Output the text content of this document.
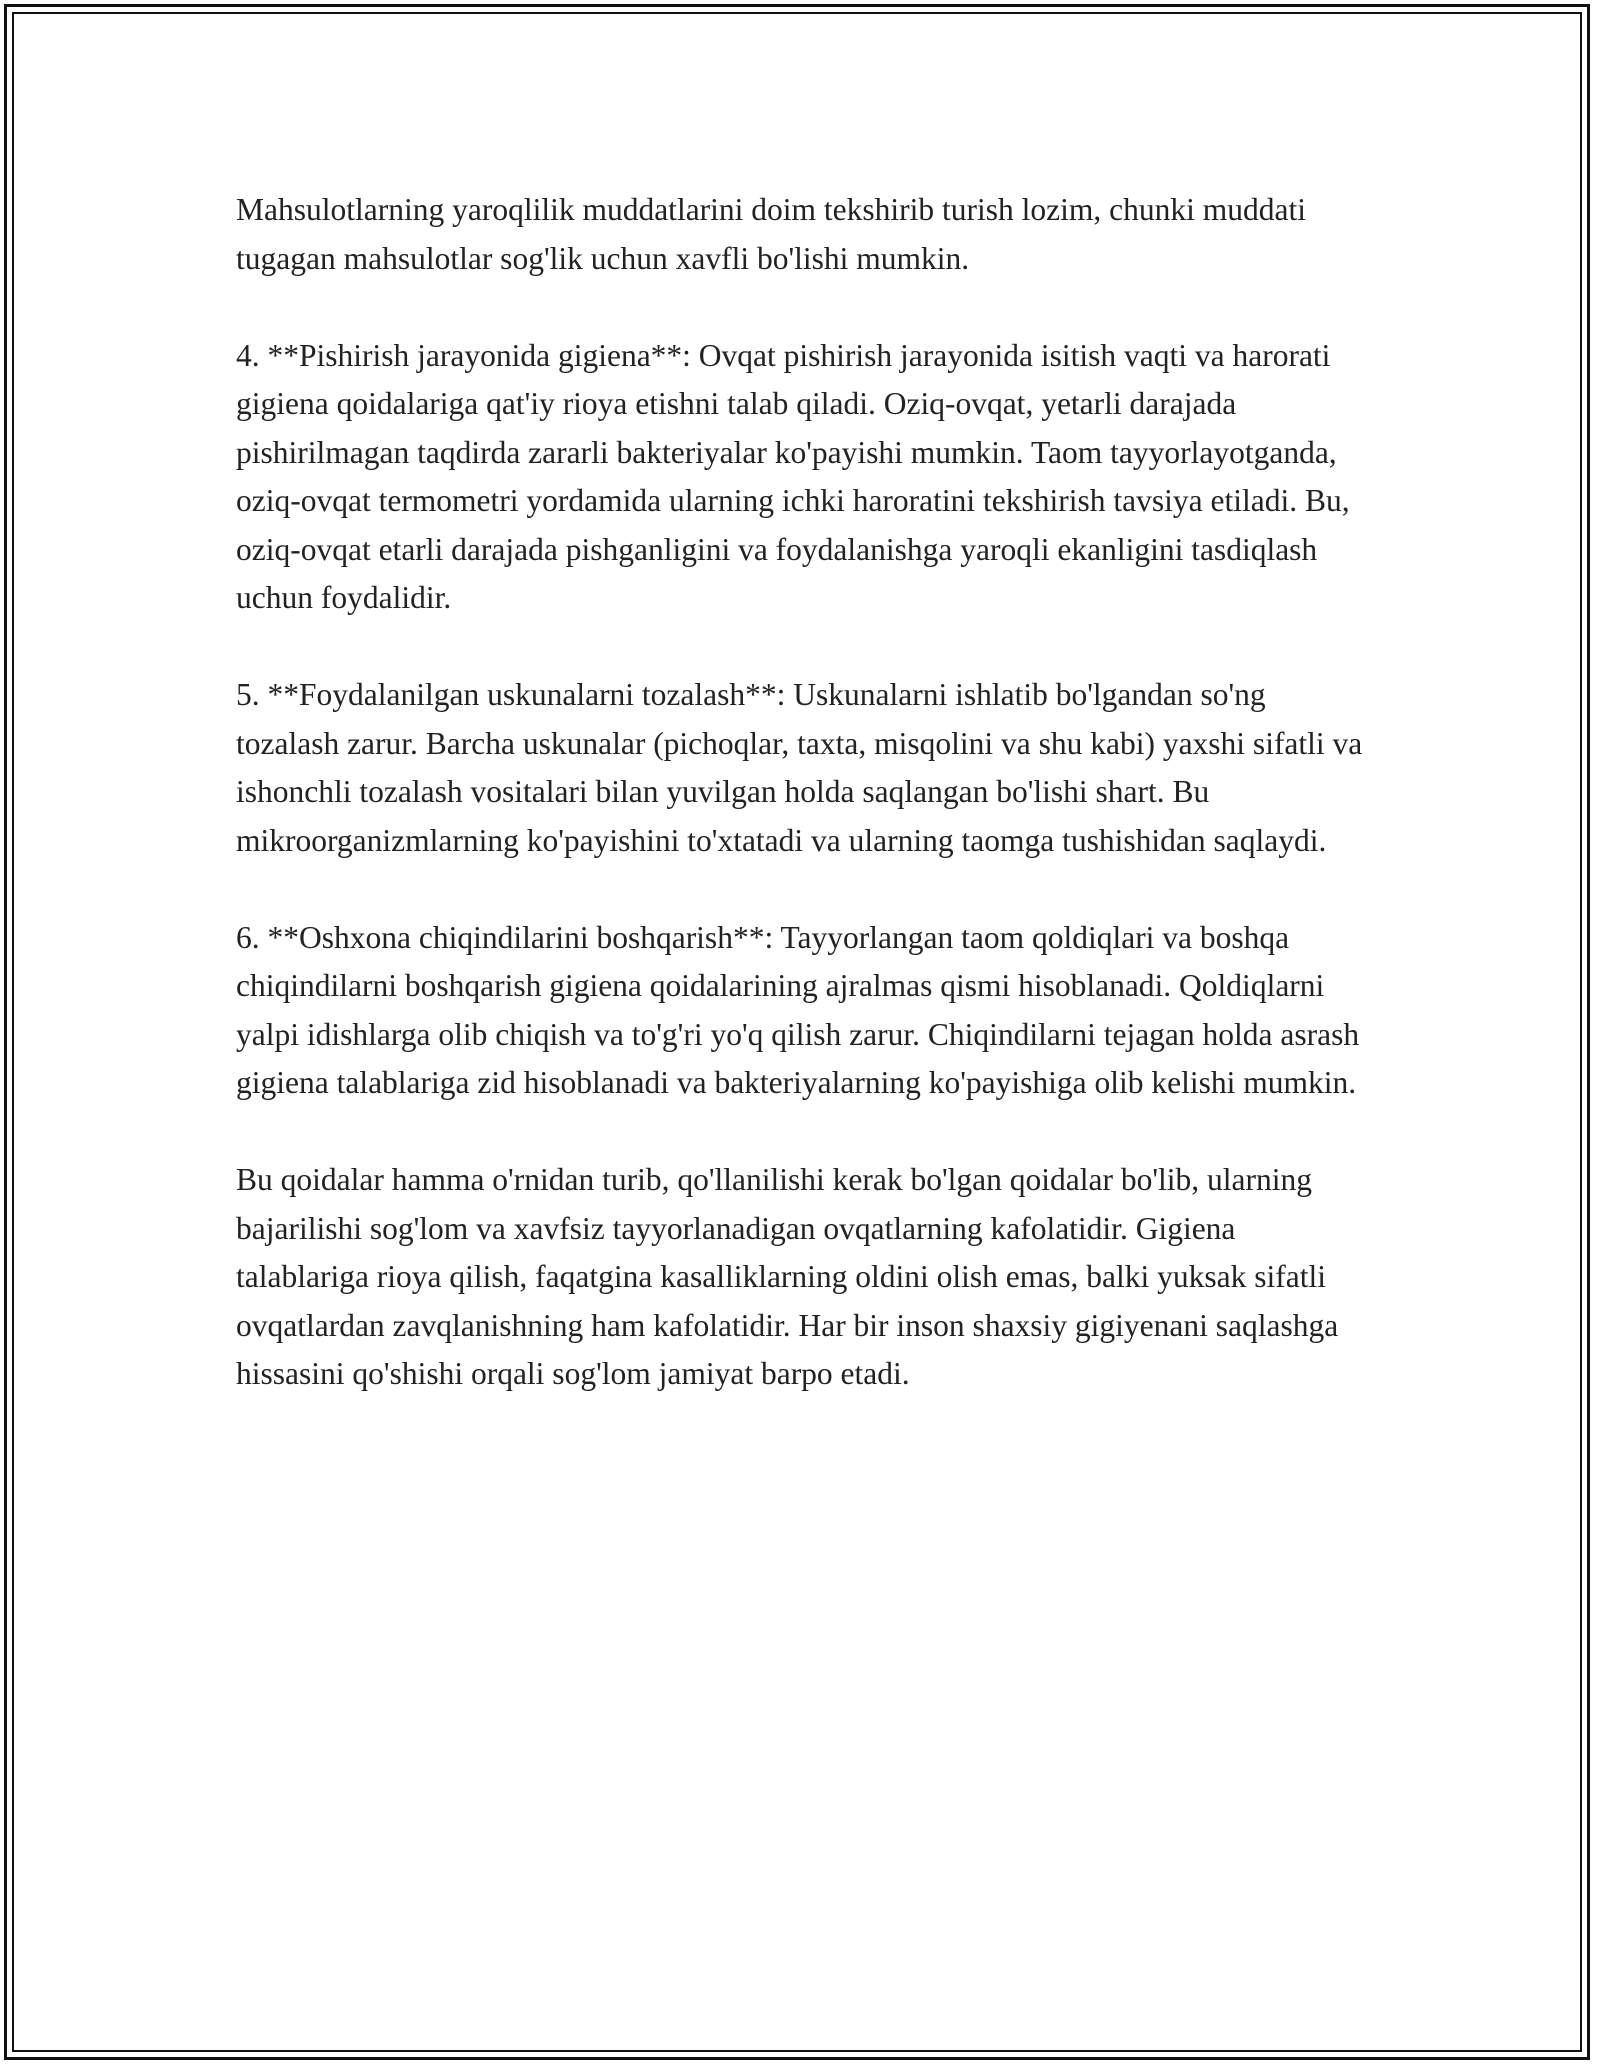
Mahsulotlarning yaroqlilik muddatlarini doim tekshirib turish lozim, chunki muddati tugagan mahsulotlar sog'lik uchun xavfli bo'lishi mumkin.

4. **Pishirish jarayonida gigiena**: Ovqat pishirish jarayonida isitish vaqti va harorati gigiena qoidalariga qat'iy rioya etishni talab qiladi. Oziq-ovqat, yetarli darajada pishirilmagan taqdirda zararli bakteriyalar ko'payishi mumkin. Taom tayyorlayotganda, oziq-ovqat termometri yordamida ularning ichki haroratini tekshirish tavsiya etiladi. Bu, oziq-ovqat etarli darajada pishganligini va foydalanishga yaroqli ekanligini tasdiqlash uchun foydalidir.

5. **Foydalanilgan uskunalarni tozalash**: Uskunalarni ishlatib bo'lgandan so'ng tozalash zarur. Barcha uskunalar (pichoqlar, taxta, misqolini va shu kabi) yaxshi sifatli va ishonchli tozalash vositalari bilan yuvilgan holda saqlangan bo'lishi shart. Bu mikroorganizmlarning ko'payishini to'xtatadi va ularning taomga tushishidan saqlaydi.

6. **Oshxona chiqindilarini boshqarish**: Tayyorlangan taom qoldiqlari va boshqa chiqindilarni boshqarish gigiena qoidalarining ajralmas qismi hisoblanadi. Qoldiqlarni yalpi idishlarga olib chiqish va to'g'ri yo'q qilish zarur. Chiqindilarni tejagan holda asrash gigiena talablariga zid hisoblanadi va bakteriyalarning ko'payishiga olib kelishi mumkin.

Bu qoidalar hamma o'rnidan turib, qo'llanilishi kerak bo'lgan qoidalar bo'lib, ularning bajarilishi sog'lom va xavfsiz tayyorlanadigan ovqatlarning kafolatidir. Gigiena talablariga rioya qilish, faqatgina kasalliklarning oldini olish emas, balki yuksak sifatli ovqatlardan zavqlanishning ham kafolatidir. Har bir inson shaxsiy gigiyenani saqlashga hissasini qo'shishi orqali sog'lom jamiyat barpo etadi.
